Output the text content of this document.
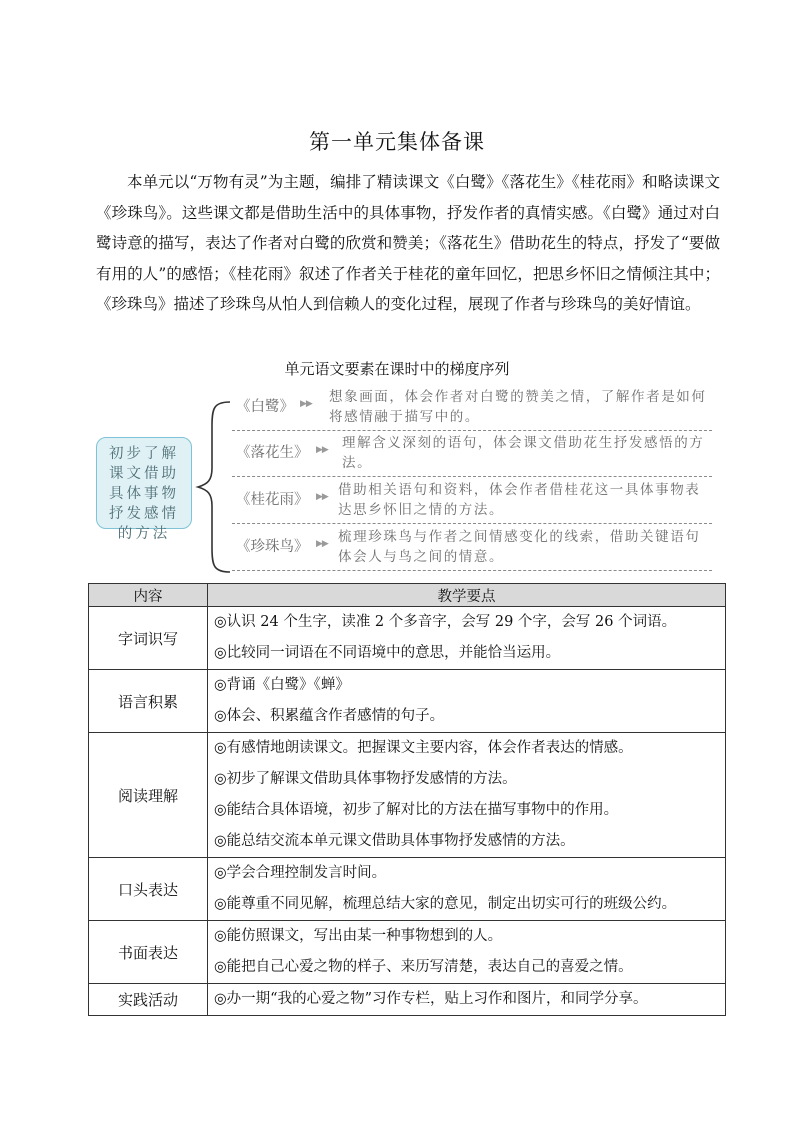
第一单元集体备课

本单元以“万物有灵”为主题，编排了精读课文《白鹭》《落花生》《桂花雨》和略读课文《珍珠鸟》。这些课文都是借助生活中的具体事物，抒发作者的真情实感。《白鹭》通过对白鹭诗意的描写，表达了作者对白鹭的欣赏和赞美；《落花生》借助花生的特点，抒发了“要做有用的人”的感悟；《桂花雨》叙述了作者关于桂花的童年回忆，把思乡怀旧之情倾注其中；《珍珠鸟》描述了珍珠鸟从怕人到信赖人的变化过程，展现了作者与珍珠鸟的美好情谊。

单元语文要素在课时中的梯度序列
初步了解课文借助具体事物抒发感情的方法
《白鹭》 ▶▶ 想象画面，体会作者对白鹭的赞美之情，了解作者是如何将感情融于描写中的。
《落花生》 ▶▶ 理解含义深刻的语句，体会课文借助花生抒发感悟的方法。
《桂花雨》 ▶▶ 借助相关语句和资料，体会作者借桂花这一具体事物表达思乡怀旧之情的方法。
《珍珠鸟》 ▶▶ 梳理珍珠鸟与作者之间情感变化的线索，借助关键语句体会人与鸟之间的情意。
内容	教学要点
字词识写	◎认识 24 个生字，读准 2 个多音字，会写 29 个字，会写 26 个词语。
◎比较同一词语在不同语境中的意思，并能恰当运用。

语言积累	◎背诵《白鹭》《蝉》
◎体会、积累蕴含作者感情的句子。

阅读理解	◎有感情地朗读课文。把握课文主要内容，体会作者表达的情感。
◎初步了解课文借助具体事物抒发感情的方法。
◎能结合具体语境，初步了解对比的方法在描写事物中的作用。
◎能总结交流本单元课文借助具体事物抒发感情的方法。

口头表达	◎学会合理控制发言时间。
◎能尊重不同见解，梳理总结大家的意见，制定出切实可行的班级公约。

书面表达	◎能仿照课文，写出由某一种事物想到的人。
◎能把自己心爱之物的样子、来历写清楚，表达自己的喜爱之情。

实践活动	◎办一期“我的心爱之物”习作专栏，贴上习作和图片，和同学分享。
